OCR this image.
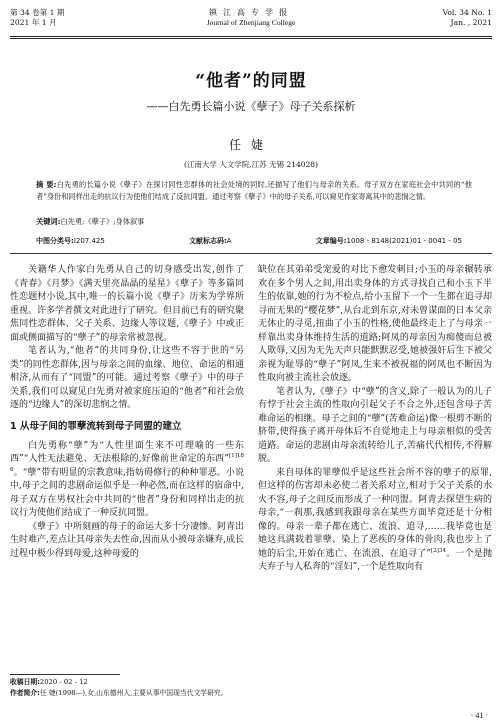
第 34 卷第 1 期	镇江高专学报	Vol. 34 No. 1
2021 年 1 月	Journal of Zhenjiang College	Jan. , 2021
“他者”的同盟
——白先勇长篇小说《孽子》母子关系探析
任婕
(江南大学 人文学院,江苏 无锡 214028)
摘 要:白先勇的长篇小说《孽子》在探讨同性恋群体的社会处境的同时,还描写了他们与母亲的关系。母子双方在家庭社会中共同的“他者”身份和同样出走的抗议行为使他们结成了反抗同盟。通过考察《孽子》中的母子关系,可以窥见作家寄寓其中的悲悯之情。
关键词:白先勇;《孽子》;身体叙事
中图分类号:I207.425	文献标志码:A	文章编号:1008 - 8148(2021)01 - 0041 - 05

关籍华人作家白先勇从自己的切身感受出发,创作了《青春》《月梦》《满天里亮晶晶的星星》《孽子》等多篇同性恋题材小说,其中,唯一的长篇小说《孽子》历来为学界所重视。许多学者撰文对此进行了研究。但目前已有的研究聚焦同性恋群体、父子关系、边缘人等议题,《孽子》中或正面或侧面描写的“孽子”的母亲常被忽视。

笔者认为,“他者”的共同身份,让这些不容于世的“另类”的同性恋群体,因与母亲之间的血缘、地位、命运的相通相济,从而有了“同盟”的可能。通过考察《孽子》中的母子关系,我们可以窥见白先勇对被家庭压迫的“他者”和社会放逐的“边缘人”的深切悲悯之情。

1 从母子间的罪孽流转到母子同盟的建立

白先勇称“孽”为“人性里面生来不可理喻的一些东西”“人性无法避免、无法根除的,好像前世命定的东西”$^{[1]186}$。“孽”带有明显的宗教意味,指妨碍修行的种种罪恶。小说中,母子之间的悲剧命运似乎是一种必然,而在这样的宿命中,母子双方在男权社会中共同的“他者”身份和同样出走的抗议行为使他们结成了一种反抗同盟。

《孽子》中所刻画的母子的命运大多十分凄惨。阿青出生时难产,差点让其母亲失去性命,因而从小被母亲嫌弃,成长过程中极少得到母爱,这种母爱的

缺位在其弟弟受宠爱的对比下愈发刺目;小玉的母亲辗转承欢在多个男人之间,用出卖身体的方式寻找自己和小玉下半生的依靠,她的行为不检点,给小玉留下一个一生都在追寻却寻而无果的“樱花梦”,从台北到东京,对未曾谋面的日本父亲无休止的寻觅,扭曲了小玉的性格,使他最终走上了与母亲一样靠出卖身体维持生活的道路;阿凤的母亲因为痴傻而总被人欺辱,又因为无先天声只能默默忍受,她被强奸后生下被父亲视为耻辱的“孽子”阿凤,生来不被祝福的阿凤也不断因为性取向被主流社会放逐。

笔者认为,《孽子》中“孽”的含义,除了一般认为的儿子有悖于社会主流的性取向引起父子不合之外,还包含母子苦难命运的相继。母子之间的“孽”(苦难命运)像一根剪不断的脐带,使得孩子离开母体后不自觉地走上与母亲相似的受苦道路。命运的悲剧由母亲流转给儿子,苦痛代代相传,不得解脱。

来自母体的罪孽似乎是这些社会所不容的孽子的原罪,但这样的伤害却未必使二者关系对立,相对于父子关系的水火不容,母子之间反而形成了一种同盟。阿青去探望生病的母亲,“一刹那,我感到我跟母亲在某些方面毕竟还是十分相像的。母亲一辈子都在逃亡、流浪、追寻,……我毕竟也是她这具满载着罪孽、染上了恶疾的身体的骨肉,我也步上了她的后尘,开始在逃亡、在流浪、在追寻了”$^{[2]34}$。一个是抛夫弃子与人私奔的“淫妇”,一个是性取向有

收稿日期:2020 - 02 - 12
作者简介:任 婕(1998—),女,山东德州人,主要从事中国现当代文学研究。
· 41 ·
